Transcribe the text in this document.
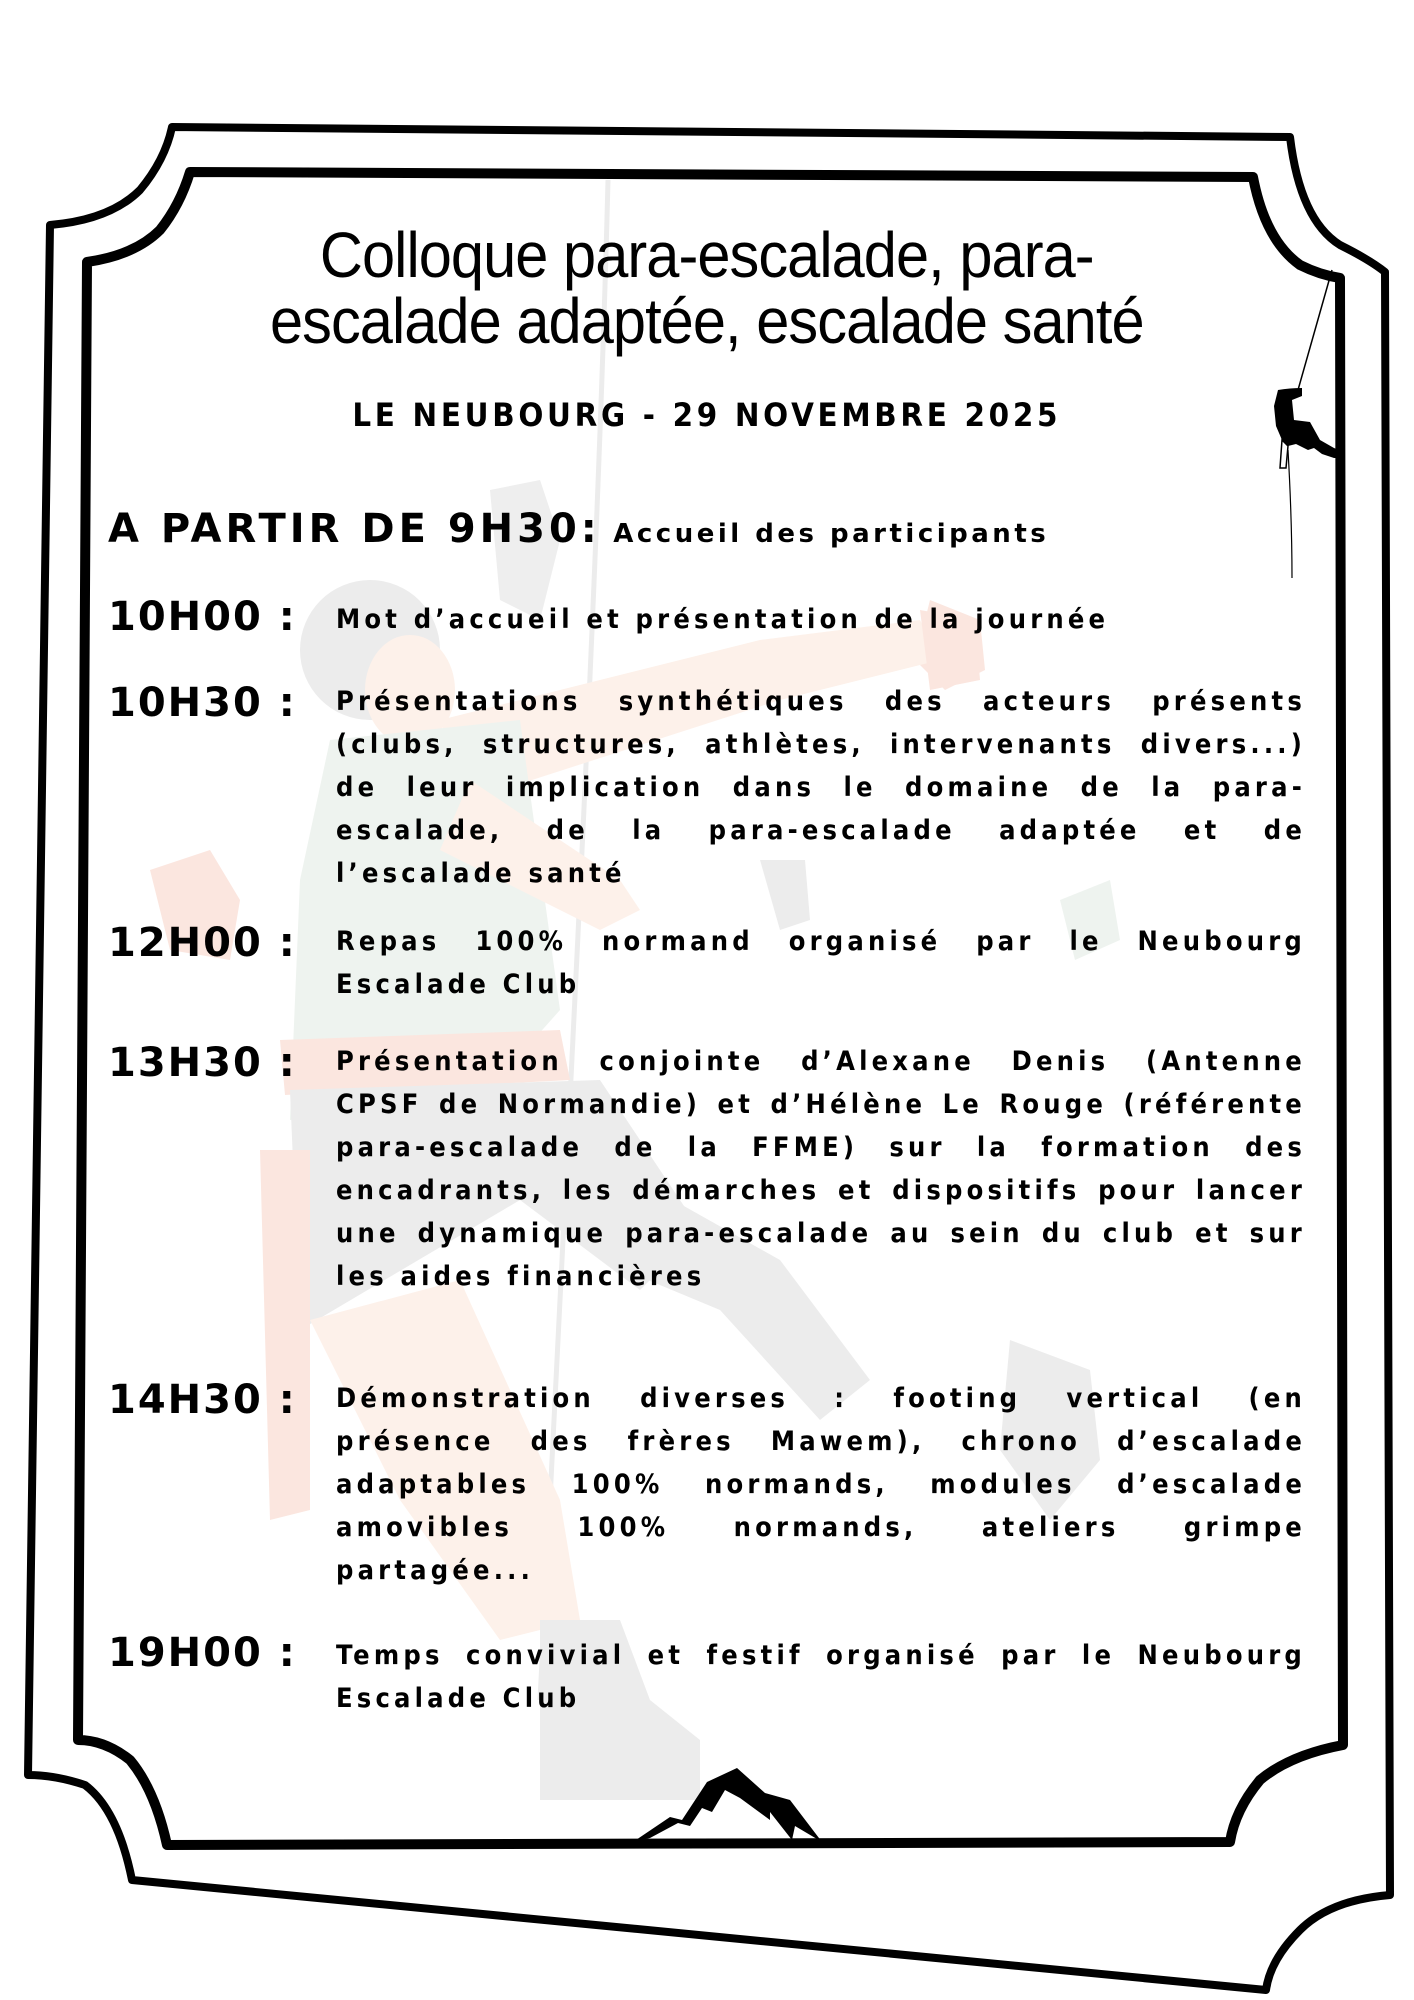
Colloque para-escalade, para-
escalade adaptée, escalade santé
LE NEUBOURG - 29 NOVEMBRE 2025
A PARTIR DE 9H30: Accueil des participants
10H00 : Mot d’accueil et présentation de la journée
10H30 : Présentations synthétiques des acteurs présents (clubs, structures, athlètes, intervenants divers...) de leur implication dans le domaine de la para-escalade, de la para-escalade adaptée et de l’escalade santé
12H00 : Repas 100% normand organisé par le Neubourg Escalade Club
13H30 : Présentation conjointe d’Alexane Denis (Antenne CPSF de Normandie) et d’Hélène Le Rouge (référente para-escalade de la FFME) sur la formation des encadrants, les démarches et dispositifs pour lancer une dynamique para-escalade au sein du club et sur les aides financières
14H30 : Démonstration diverses : footing vertical (en présence des frères Mawem), chrono d’escalade adaptables 100% normands, modules d’escalade amovibles 100% normands, ateliers grimpe partagée...
19H00 : Temps convivial et festif organisé par le Neubourg Escalade Club
